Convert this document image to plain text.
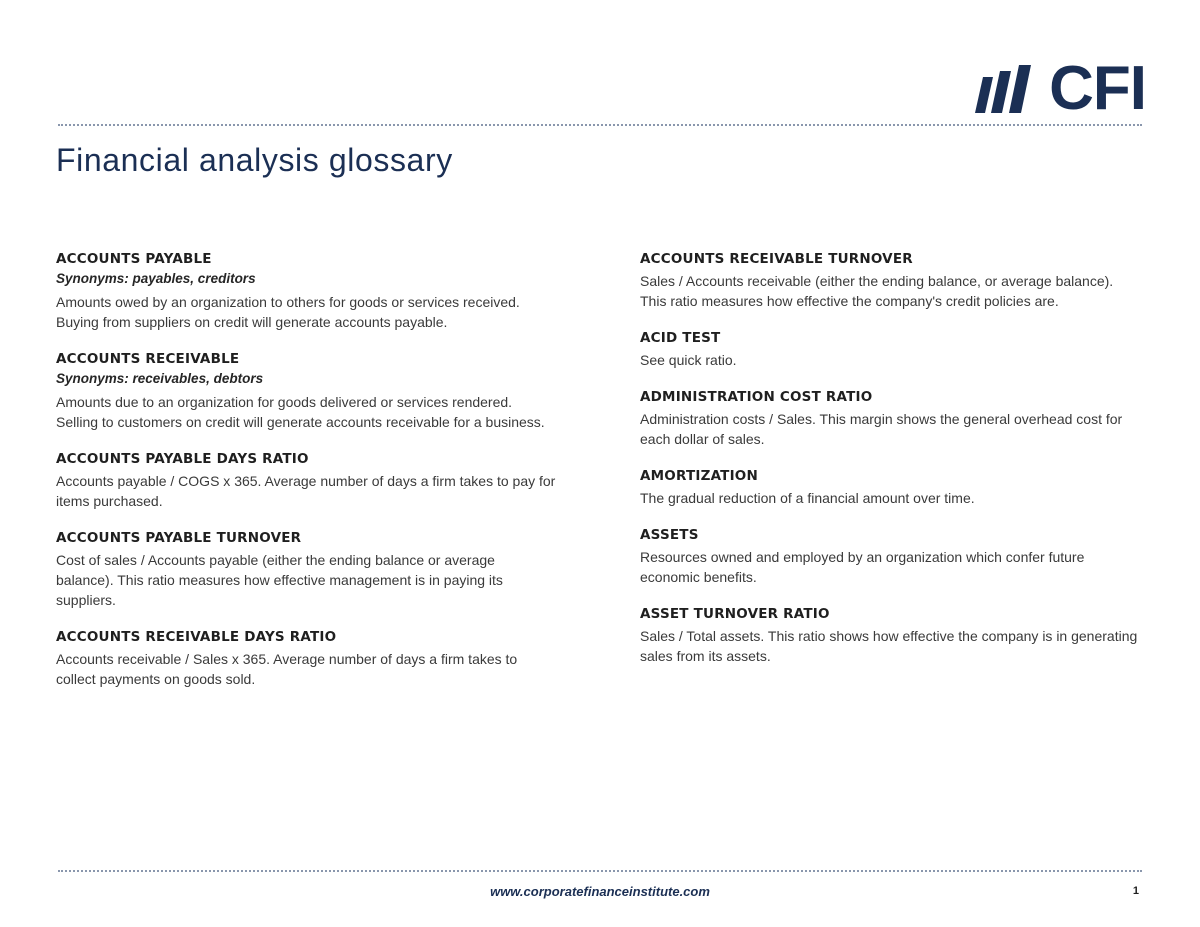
CFI
Financial analysis glossary
ACCOUNTS PAYABLE
Synonyms: payables, creditors
Amounts owed by an organization to others for goods or services received. Buying from suppliers on credit will generate accounts payable.
ACCOUNTS RECEIVABLE
Synonyms: receivables, debtors
Amounts due to an organization for goods delivered or services rendered. Selling to customers on credit will generate accounts receivable for a business.
ACCOUNTS PAYABLE DAYS RATIO
Accounts payable / COGS x 365. Average number of days a firm takes to pay for items purchased.
ACCOUNTS PAYABLE TURNOVER
Cost of sales / Accounts payable (either the ending balance or average balance). This ratio measures how effective management is in paying its suppliers.
ACCOUNTS RECEIVABLE DAYS RATIO
Accounts receivable / Sales x 365. Average number of days a firm takes to collect payments on goods sold.
ACCOUNTS RECEIVABLE TURNOVER
Sales / Accounts receivable (either the ending balance, or average balance). This ratio measures how effective the company's credit policies are.
ACID TEST
See quick ratio.
ADMINISTRATION COST RATIO
Administration costs / Sales. This margin shows the general overhead cost for each dollar of sales.
AMORTIZATION
The gradual reduction of a financial amount over time.
ASSETS
Resources owned and employed by an organization which confer future economic benefits.
ASSET TURNOVER RATIO
Sales / Total assets. This ratio shows how effective the company is in generating sales from its assets.
www.corporatefinanceinstitute.com	1
